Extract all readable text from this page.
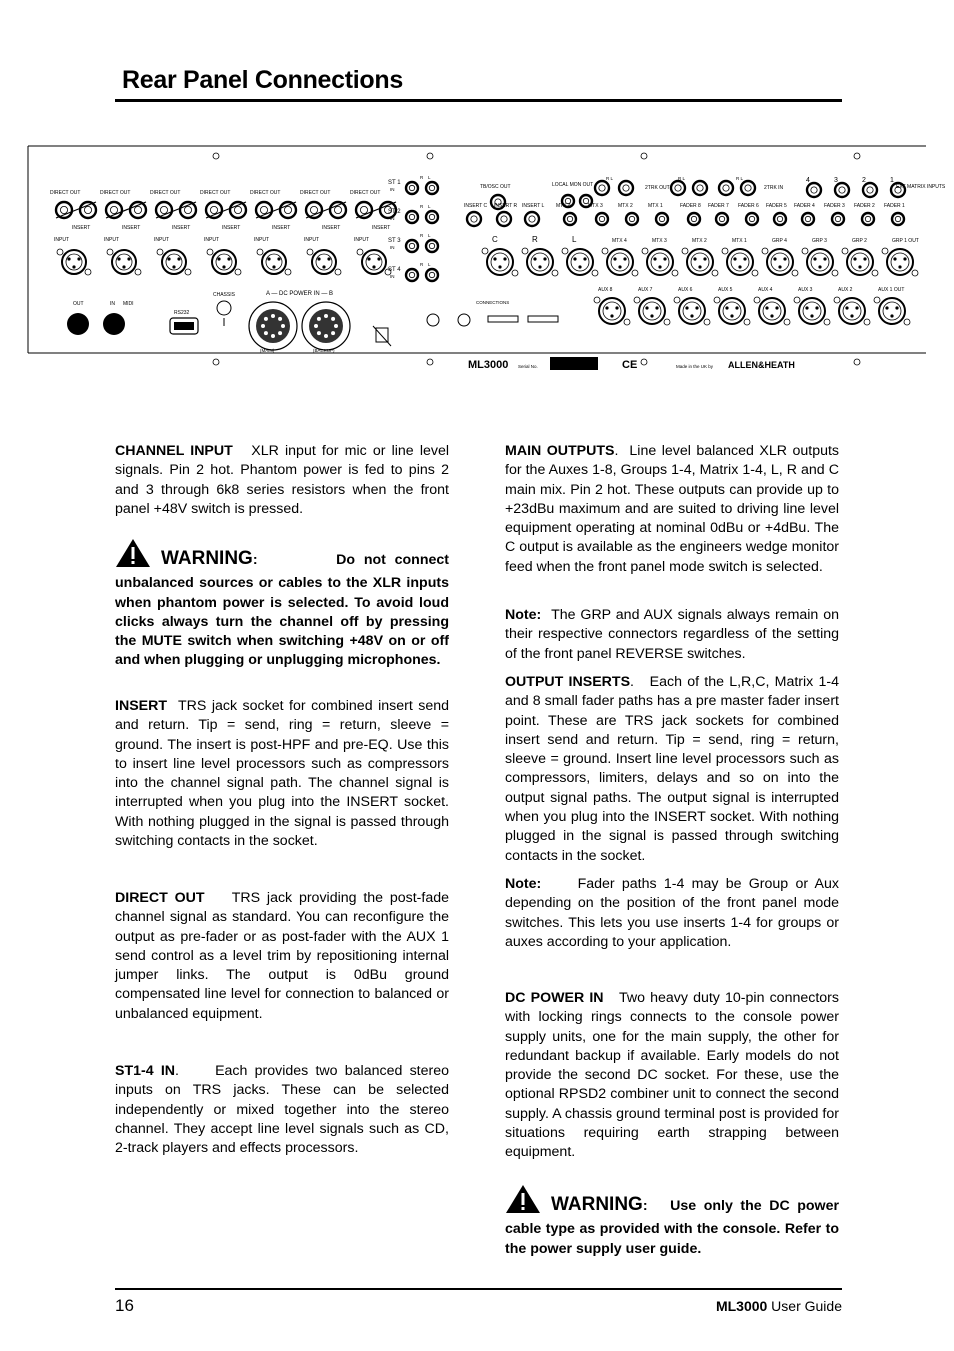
Rear Panel Connections
DIRECT OUT
INSERT
INPUT
DIRECT OUT
INSERT
INPUT
DIRECT OUT
INSERT
INPUT
DIRECT OUT
INSERT
INPUT
DIRECT OUT
INSERT
INPUT
DIRECT OUT
INSERT
INPUT
DIRECT OUT
INSERT
INPUT
ST 1
IN
R L
ST 2
IN
R L
ST 3
IN
R L
ST 4
IN
R L
TB/OSC OUT	LOCAL MON OUT
R L
2TRK OUT
R L	R L
2TRK IN
4	3	2	1
EXT MATRIX INPUTS
INSERT C INSERT R INSERT L MTX 4	MTX 3	MTX 2	MTX 1	FADER 8 FADER 7 FADER 6 FADER 5 FADER 4 FADER 3 FADER 2 FADER 1
C	R	L	MTX 4	MTX 3	MTX 2	MTX 1	GRP 4	GRP 3	GRP 2	GRP 1 OUT
AUX 8	AUX 7	AUX 6	AUX 5	AUX 4	AUX 3	AUX 2	AUX 1 OUT
OUT	IN MIDI
RS232
CHASSIS	A — DC POWER IN — B
(MAIN)	(BACKUP)
CONNECTIONS
ML3000 Serial No.	CE	Made in the UK by ALLEN&HEATH

CHANNEL INPUT XLR input for mic or line level signals. Pin 2 hot. Phantom power is fed to pins 2 and 3 through 6k8 series resistors when the front panel +48V switch is pressed.

WARNING:	Do not connect unbalanced sources or cables to the XLR inputs when phantom power is selected. To avoid loud clicks always turn the channel off by pressing the MUTE switch when switching +48V on or off and when plugging or unplugging microphones.

INSERT TRS jack socket for combined insert send and return. Tip = send, ring = return, sleeve = ground. The insert is post-HPF and pre-EQ. Use this to insert line level processors such as compressors into the channel signal path. The channel signal is interrupted when you plug into the INSERT socket. With nothing plugged in the signal is passed through switching contacts in the socket.

DIRECT OUT TRS jack providing the post-fade channel signal as standard. You can reconfigure the output as pre-fader or as post-fader with the AUX 1 send control as a level trim by repositioning internal jumper links. The output is 0dBu ground compensated line level for connection to balanced or unbalanced equipment.

ST1-4 IN.     Each provides two balanced stereo inputs on TRS jacks. These can be selected independently or mixed together into the stereo channel. They accept line level signals such as CD, 2-track players and effects processors.

MAIN OUTPUTS.  Line level balanced XLR outputs for the Auxes 1-8, Groups 1-4, Matrix 1-4, L, R and C main mix. Pin 2 hot. These outputs can provide up to +23dBu maximum and are suited to driving line level equipment operating at nominal 0dBu or +4dBu. The C output is available as the engineers wedge monitor feed when the front panel mode switch is selected.

Note: The GRP and AUX signals always remain on their respective connectors regardless of the setting of the front panel REVERSE switches.

OUTPUT INSERTS.   Each of the L,R,C, Matrix 1-4 and 8 small fader paths has a pre master fader insert point. These are TRS jack sockets for combined insert send and return. Tip = send, ring = return, sleeve = ground. Insert line level processors such as compressors, limiters, delays and so on into the output signal paths. The output signal is interrupted when you plug into the INSERT socket. With nothing plugged in the signal is passed through switching contacts in the socket.

Note:	Fader paths 1-4 may be Group or Aux depending on the position of the front panel mode switches. This lets you use inserts 1-4 for groups or auxes according to your application.

DC POWER IN Two heavy duty 10-pin connectors with locking rings connects to the console power supply units, one for the main supply, the other for redundant backup if available. Early models do not provide the second DC socket. For these, use the optional RPSD2 combiner unit to connect the second supply. A chassis ground terminal post is provided for situations requiring earth strapping between equipment.

WARNING: Use only the DC power cable type as provided with the console. Refer to the power supply user guide.

16	ML3000 User Guide
